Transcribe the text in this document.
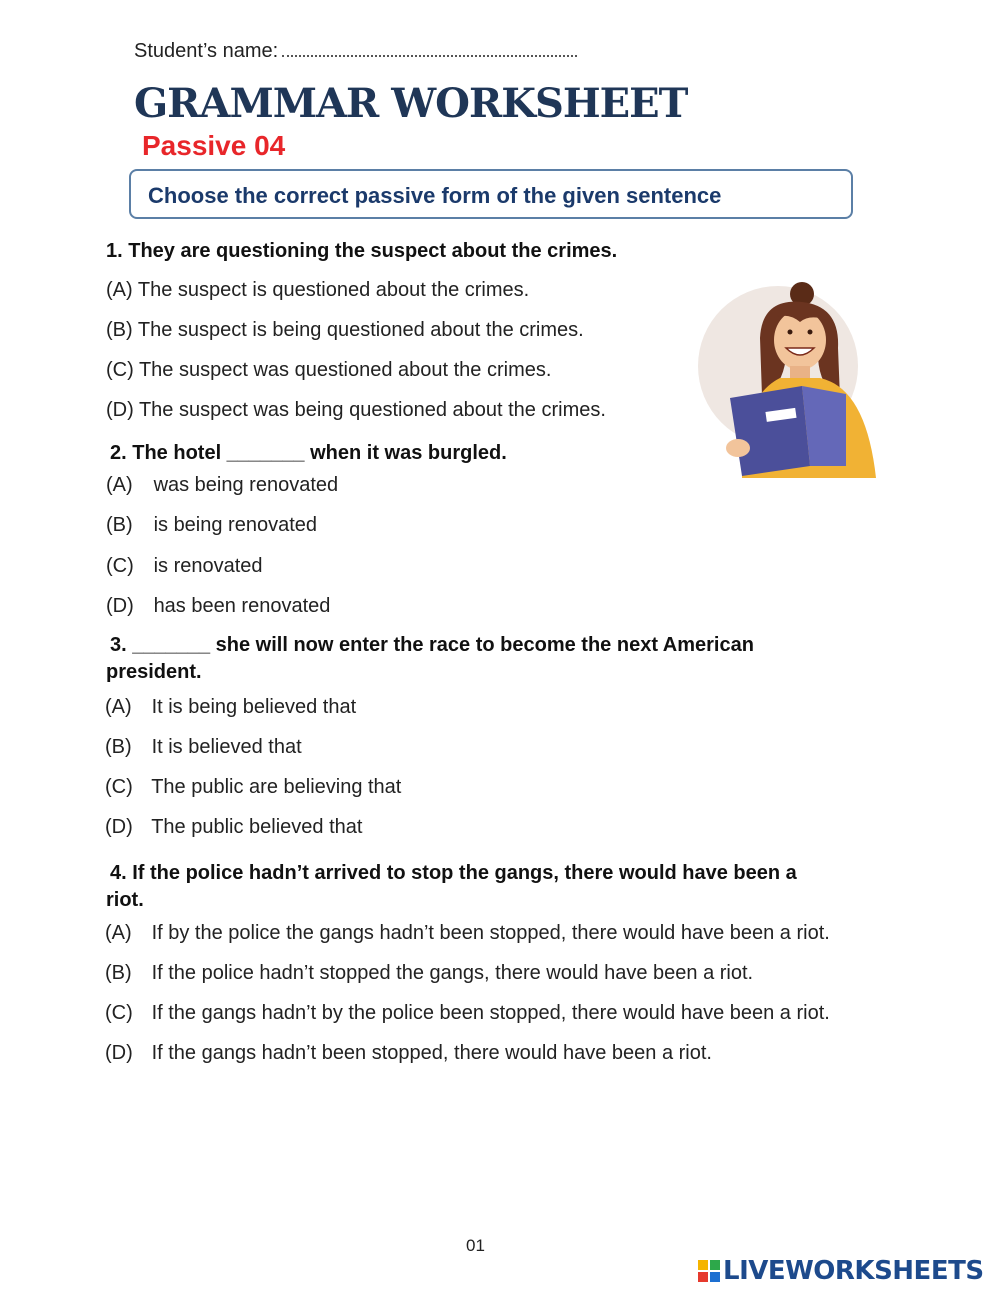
Student’s name:
GRAMMAR WORKSHEET
Passive 04
Choose the correct passive form of the given sentence
1. They are questioning the suspect about the crimes.
(A) The suspect is questioned about the crimes.
(B) The suspect is being questioned about the crimes.
(C) The suspect was questioned about the crimes.
(D) The suspect was being questioned about the crimes.
2. The hotel _______ when it was burgled.
(A) was being renovated
(B) is being renovated
(C) is renovated
(D) has been renovated
3. _______ she will now enter the race to become the next American
president.
(A) It is being believed that
(B) It is believed that
(C) The public are believing that
(D) The public believed that
4. If the police hadn’t arrived to stop the gangs, there would have been a
riot.
(A) If by the police the gangs hadn’t been stopped, there would have been a riot.
(B) If the police hadn’t stopped the gangs, there would have been a riot.
(C) If the gangs hadn’t by the police been stopped, there would have been a riot.
(D) If the gangs hadn’t been stopped, there would have been a riot.
01
LIVEWORKSHEETS
